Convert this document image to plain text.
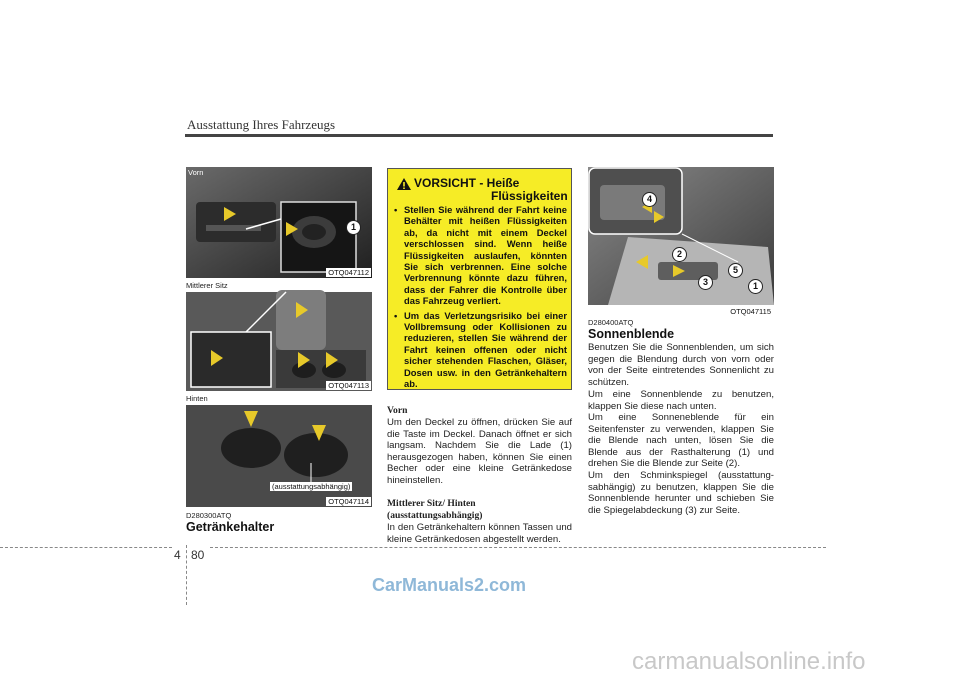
Ausstattung Ihres Fahrzeugs
Vorn
1
OTQ047112
Mittlerer Sitz
OTQ047113
Hinten
(ausstattungsabhängig)
OTQ047114
D280300ATQ
Getränkehalter
VORSICHT - Heiße
Flüssigkeiten
• Stellen Sie während der Fahrt keine Behälter mit heißen Flüssigkeiten ab, da nicht mit einem Deckel verschlossen sind. Wenn heiße Flüssigkeiten auslaufen, könnten Sie sich verbrennen. Eine solche Verbrennung könnte dazu führen, dass der Fahrer die Kontrolle über das Fahrzeug verliert.
• Um das Verletzungsrisiko bei einer Vollbremsung oder Kollisionen zu reduzieren, stellen Sie während der Fahrt keinen offenen oder nicht sicher stehenden Flaschen, Gläser, Dosen usw. in den Getränkehaltern ab.
Vorn
Um den Deckel zu öffnen, drücken Sie auf die Taste im Deckel. Danach öffnet er sich langsam. Nachdem Sie die Lade (1) herausgezogen haben, können Sie einen Becher oder eine kleine Getränkedose hineinstellen.
Mittlerer Sitz/ Hinten
(ausstattungsabhängig)
In den Getränkehaltern können Tassen und kleine Getränkedosen abgestellt werden.
4
2
5
3	1
OTQ047115
D280400ATQ
Sonnenblende
Benutzen Sie die Sonnenblenden, um sich gegen die Blendung durch von vorn oder von der Seite eintretendes Sonnenlicht zu schützen.
Um eine Sonnenblende zu benutzen, klappen Sie diese nach unten.
Um eine Sonneneblende für ein Seitenfenster zu verwenden, klappen Sie die Blende nach unten, lösen Sie die Blende aus der Rasthalterung (1) und drehen Sie die Blende zur Seite (2).
Um den Schminkspiegel (ausstattung- sabhängig) zu benutzen, klappen Sie die Sonnenblende herunter und schieben Sie die Spiegelabdeckung (3) zur Seite.
4 80
CarManuals2.com
carmanualsonline.info
